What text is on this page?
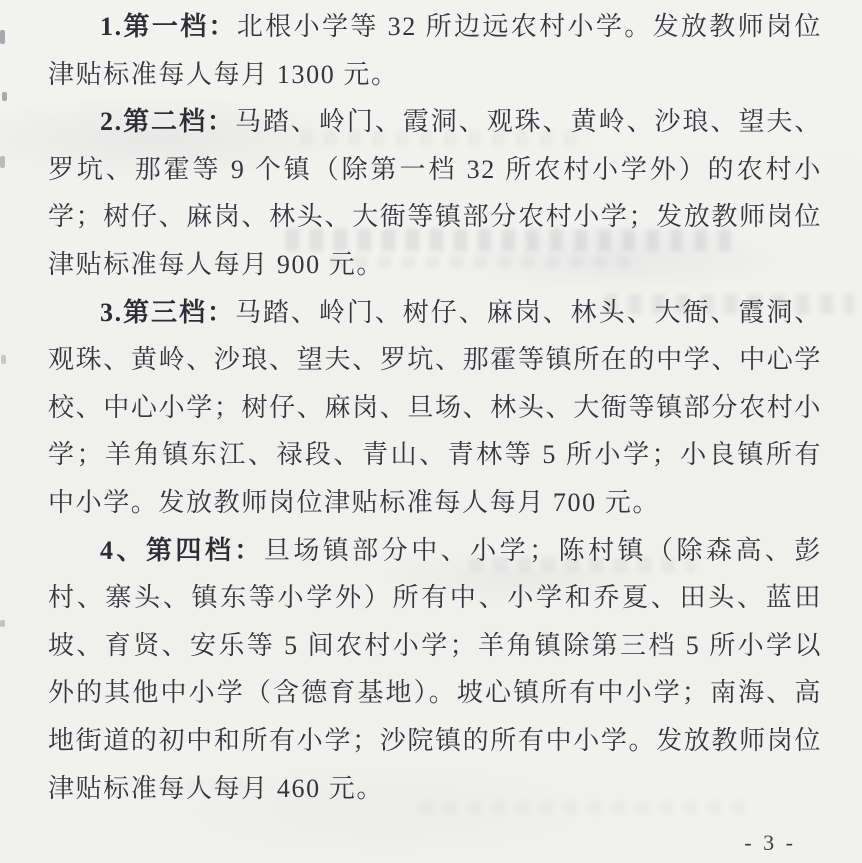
1.第一档：北根小学等 32 所边远农村小学。发放教师岗位津贴标准每人每月 1300 元。

2.第二档：马踏、岭门、霞洞、观珠、黄岭、沙琅、望夫、罗坑、那霍等 9 个镇（除第一档 32 所农村小学外）的农村小学；树仔、麻岗、林头、大衙等镇部分农村小学；发放教师岗位津贴标准每人每月 900 元。

3.第三档：马踏、岭门、树仔、麻岗、林头、大衙、霞洞、观珠、黄岭、沙琅、望夫、罗坑、那霍等镇所在的中学、中心学校、中心小学；树仔、麻岗、旦场、林头、大衙等镇部分农村小学；羊角镇东江、禄段、青山、青林等 5 所小学；小良镇所有中小学。发放教师岗位津贴标准每人每月 700 元。

4、第四档：旦场镇部分中、小学；陈村镇（除森高、彭村、寨头、镇东等小学外）所有中、小学和乔夏、田头、蓝田坡、育贤、安乐等 5 间农村小学；羊角镇除第三档 5 所小学以外的其他中小学（含德育基地）。坡心镇所有中小学；南海、高地街道的初中和所有小学；沙院镇的所有中小学。发放教师岗位津贴标准每人每月 460 元。

- 3 -
